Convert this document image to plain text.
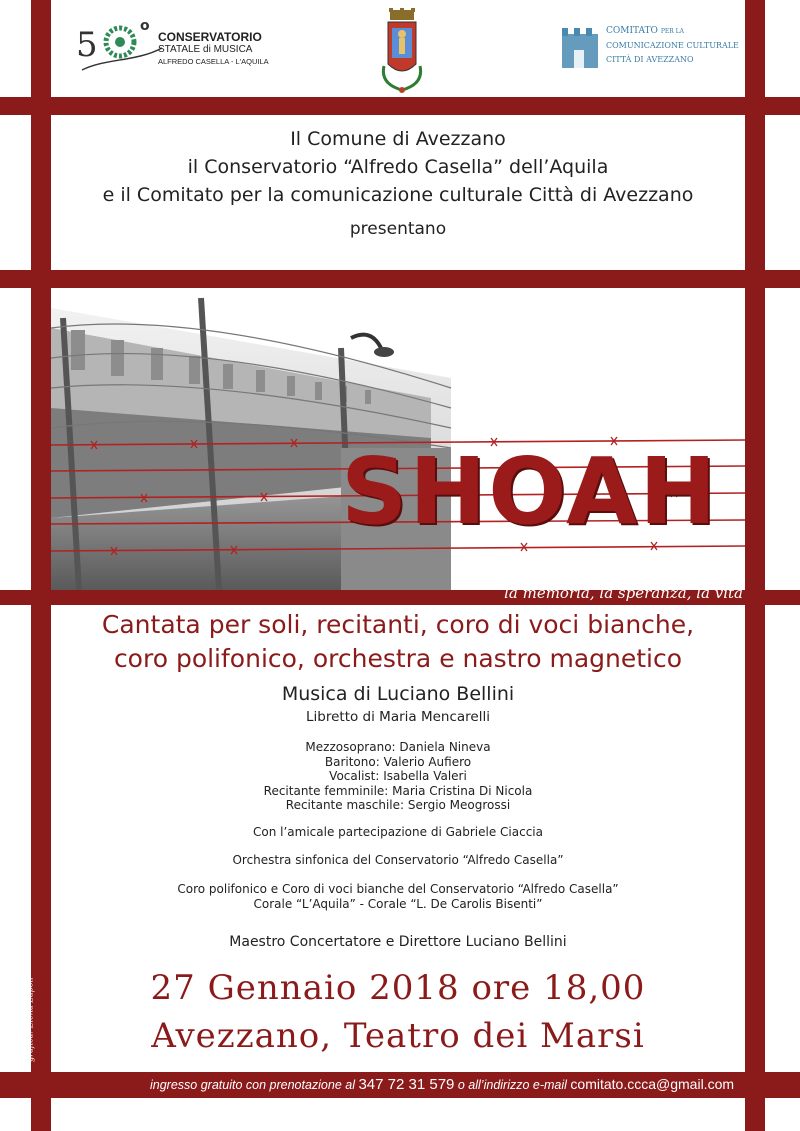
5	o
CONSERVATORIO
STATALE di MUSICA
ALFREDO CASELLA - L'AQUILA
COMITATO PER LA
COMUNICAZIONE CULTURALE
CITTÀ DI AVEZZANO
Il Comune di Avezzano
il Conservatorio “Alfredo Casella” dell’Aquila
e il Comitato per la comunicazione culturale Città di Avezzano
presentano
SHOAH
la memoria, la speranza, la vita
Cantata per soli, recitanti, coro di voci bianche,
coro polifonico, orchestra e nastro magnetico
Musica di Luciano Bellini
Libretto di Maria Mencarelli
Mezzosoprano: Daniela Nineva
Baritono: Valerio Aufiero
Vocalist: Isabella Valeri
Recitante femminile: Maria Cristina Di Nicola
Recitante maschile: Sergio Meogrossi
Con l’amicale partecipazione di Gabriele Ciaccia
Orchestra sinfonica del Conservatorio “Alfredo Casella”
Coro polifonico e Coro di voci bianche del Conservatorio “Alfredo Casella”
Corale “L’Aquila” - Corale “L. De Carolis Bisenti”
Maestro Concertatore e Direttore Luciano Bellini
27 Gennaio 2018 ore 18,00
Avezzano, Teatro dei Marsi
grafica: Elena Lupoli
ingresso gratuito con prenotazione al 347 72 31 579 o all’indirizzo e-mail comitato.ccca@gmail.com
